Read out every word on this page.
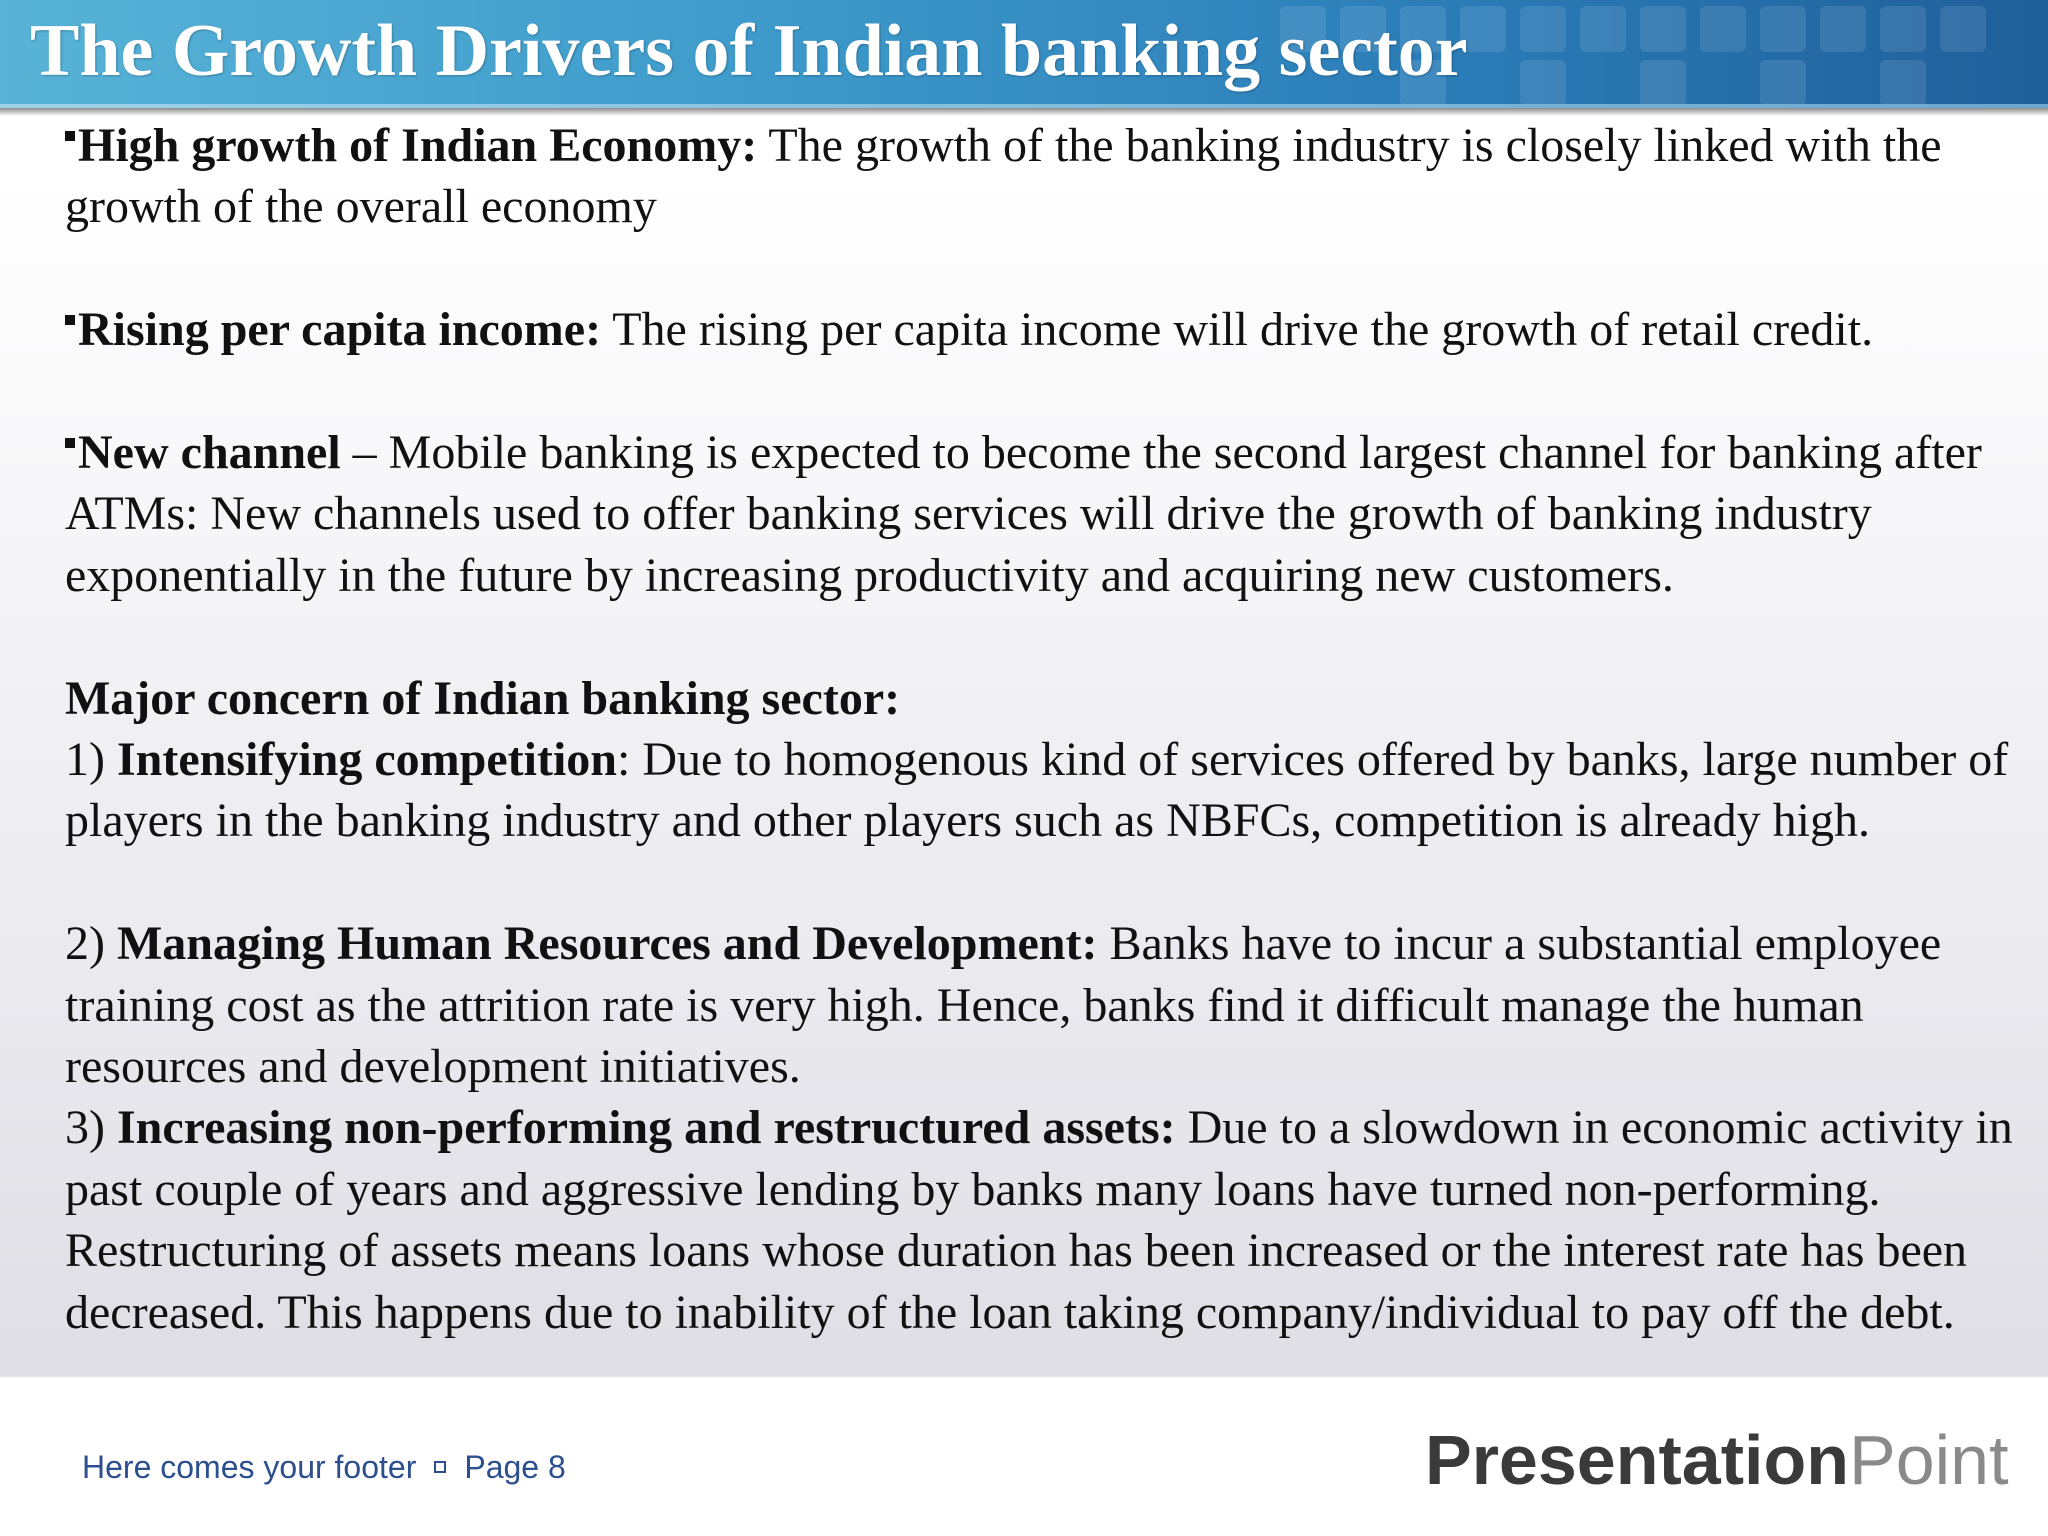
The Growth Drivers of Indian banking sector

High growth of Indian Economy: The growth of the banking industry is closely linked with the growth of the overall economy

Rising per capita income: The rising per capita income will drive the growth of retail credit.

New channel – Mobile banking is expected to become the second largest channel for banking after ATMs: New channels used to offer banking services will drive the growth of banking industry exponentially in the future by increasing productivity and acquiring new customers.

Major concern of Indian banking sector:

1) Intensifying competition: Due to homogenous kind of services offered by banks, large number of players in the banking industry and other players such as NBFCs, competition is already high.

2) Managing Human Resources and Development: Banks have to incur a substantial employee training cost as the attrition rate is very high. Hence, banks find it difficult manage the human resources and development initiatives.

3) Increasing non-performing and restructured assets: Due to a slowdown in economic activity in past couple of years and aggressive lending by banks many loans have turned non-performing. Restructuring of assets means loans whose duration has been increased or the interest rate has been decreased. This happens due to inability of the loan taking company/individual to pay off the debt.

Here comes your footer Page 8	PresentationPoint
